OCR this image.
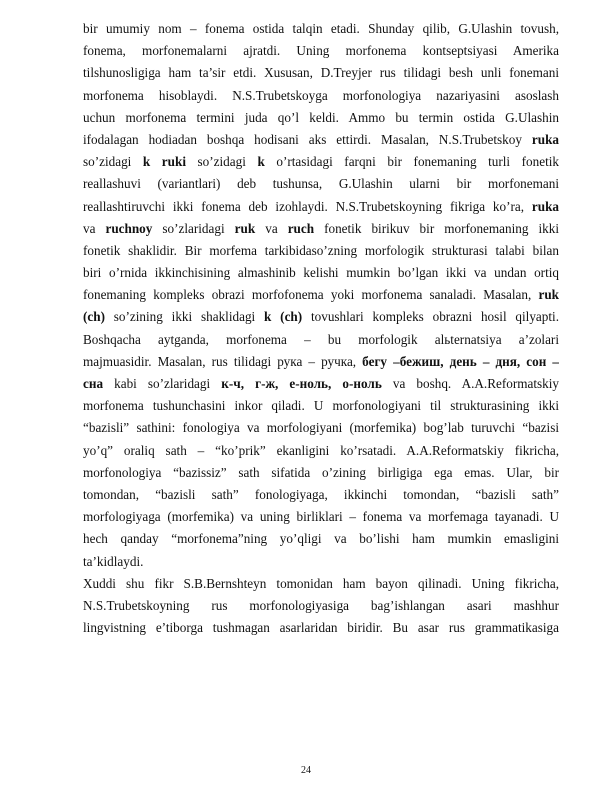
bir umumiy nom – fonema ostida talqin etadi. Shunday qilib, G.Ulashin tovush,
fonema, morfonemalarni ajratdi. Uning morfonema kontseptsiyasi Amerika
tilshunosligiga ham ta’sir etdi. Xususan, D.Treyjer rus tilidagi besh unli fonemani
morfonema hisoblaydi. N.S.Trubetskoyga morfonologiya nazariyasini asoslash
uchun morfonema termini juda qo’l keldi. Ammo bu termin ostida G.Ulashin
ifodalagan hodiadan boshqa hodisani aks ettirdi. Masalan, N.S.Trubetskoy ruka
so’zidagi k ruki so’zidagi k o’rtasidagi farqni bir fonemaning turli fonetik
reallashuvi (variantlari) deb tushunsa, G.Ulashin ularni bir morfonemani
reallashtiruvchi ikki fonema deb izohlaydi. N.S.Trubetskoyning fikriga ko’ra, ruka
va ruchnoy so’zlaridagi ruk va ruch fonetik birikuv bir morfonemaning ikki
fonetik shaklidir. Bir morfema tarkibidaso’zning morfologik strukturasi talabi bilan
biri o’rnida ikkinchisining almashinib kelishi mumkin bo’lgan ikki va undan ortiq
fonemaning kompleks obrazi morfofonema yoki morfonema sanaladi. Masalan, ruk
(ch) so’zining ikki shaklidagi k (ch) tovushlari kompleks obrazni hosil qilyapti.
Boshqacha aytganda, morfonema – bu morfologik alьternatsiya a’zolari
majmuasidir. Masalan, rus tilidagi рука – ручка, бегу –бежиш, день – дня, сон –
сна kabi so’zlaridagi к-ч, г-ж, е-ноль, о-ноль va boshq. A.A.Reformatskiy
morfonema tushunchasini inkor qiladi. U morfonologiyani til strukturasining ikki
“bazisli” sathini: fonologiya va morfologiyani (morfemika) bog’lab turuvchi “bazisi
yo’q” oraliq sath – “ko’prik” ekanligini ko’rsatadi. A.A.Reformatskiy fikricha,
morfonologiya “bazissiz” sath sifatida o’zining birligiga ega emas. Ular, bir
tomondan, “bazisli sath” fonologiyaga, ikkinchi tomondan, “bazisli sath”
morfologiyaga (morfemika) va uning birliklari – fonema va morfemaga tayanadi. U
hech qanday “morfonema”ning yo’qligi va bo’lishi ham mumkin emasligini
ta’kidlaydi.
Xuddi shu fikr S.B.Bernshteyn tomonidan ham bayon qilinadi. Uning fikricha,
N.S.Trubetskoyning rus morfonologiyasiga bag’ishlangan asari mashhur
lingvistning e’tiborga tushmagan asarlaridan biridir. Bu asar rus grammatikasiga
24
